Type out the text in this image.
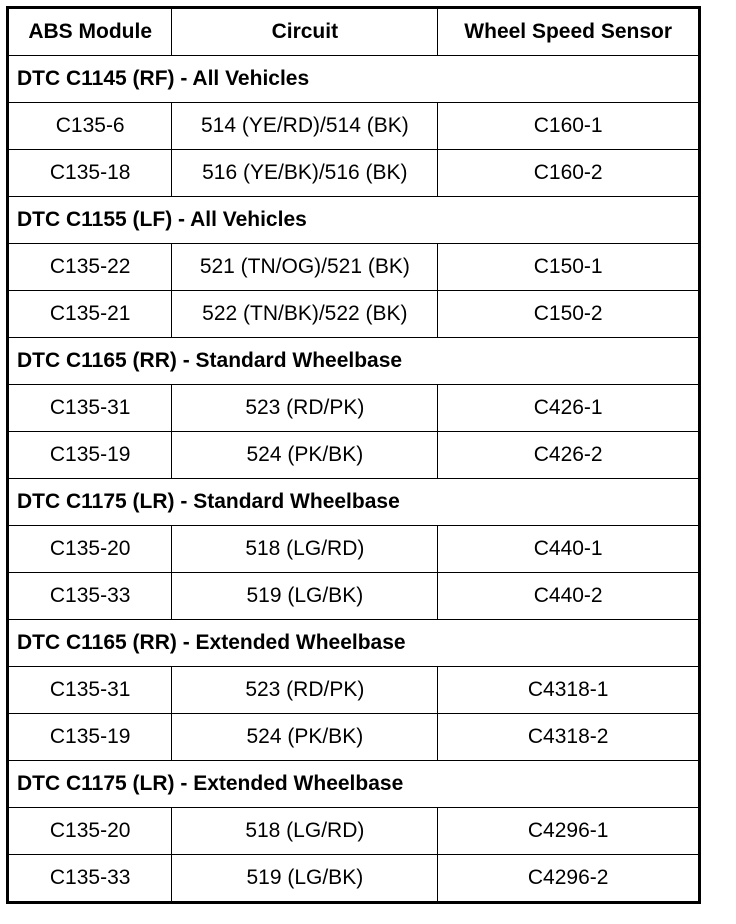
ABS Module	Circuit	Wheel Speed Sensor
DTC C1145 (RF) - All Vehicles		
C135-6	514 (YE/RD)/514 (BK)	C160-1
C135-18	516 (YE/BK)/516 (BK)	C160-2
DTC C1155 (LF) - All Vehicles		
C135-22	521 (TN/OG)/521 (BK)	C150-1
C135-21	522 (TN/BK)/522 (BK)	C150-2
DTC C1165 (RR) - Standard Wheelbase		
C135-31	523 (RD/PK)	C426-1
C135-19	524 (PK/BK)	C426-2
DTC C1175 (LR) - Standard Wheelbase		
C135-20	518 (LG/RD)	C440-1
C135-33	519 (LG/BK)	C440-2
DTC C1165 (RR) - Extended Wheelbase		
C135-31	523 (RD/PK)	C4318-1
C135-19	524 (PK/BK)	C4318-2
DTC C1175 (LR) - Extended Wheelbase		
C135-20	518 (LG/RD)	C4296-1
C135-33	519 (LG/BK)	C4296-2
